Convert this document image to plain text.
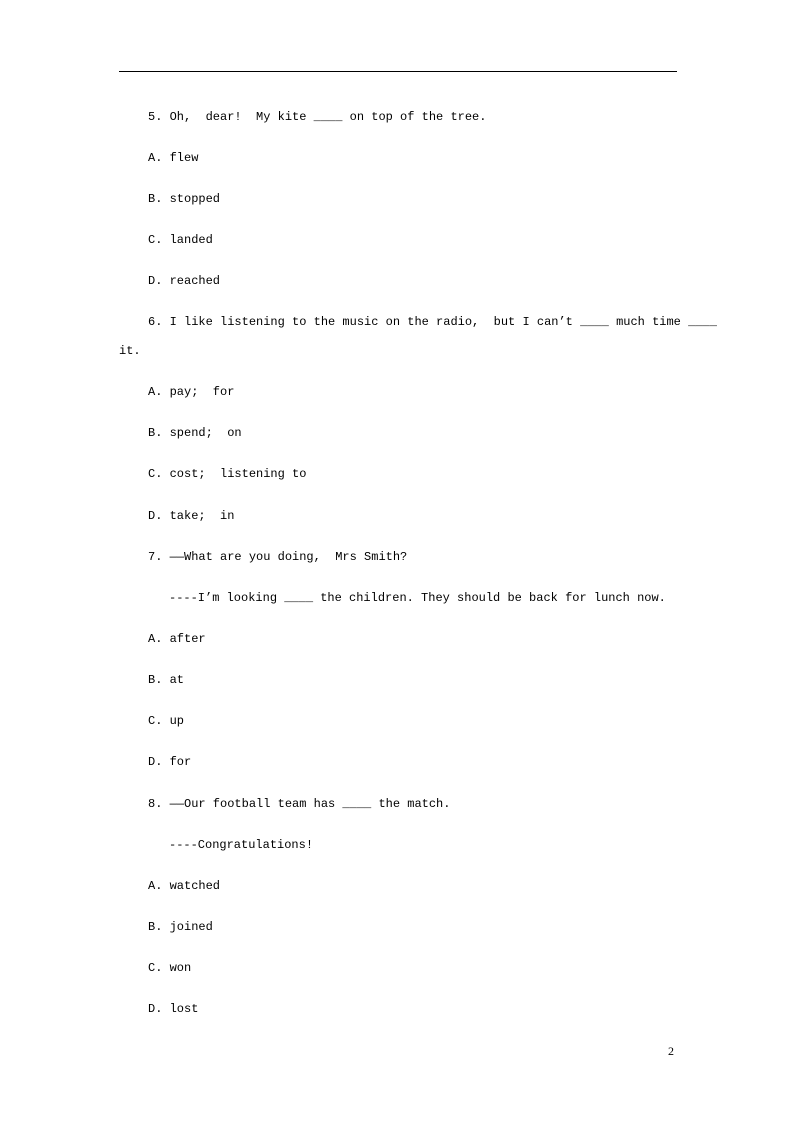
5. Oh,  dear!  My kite ____ on top of the tree.
A. flew
B. stopped
C. landed
D. reached
6. I like listening to the music on the radio,  but I can’t ____ much time ____
it.
A. pay;  for
B. spend;  on
C. cost;  listening to
D. take;  in
7. ——What are you doing,  Mrs Smith?
----I’m looking ____ the children. They should be back for lunch now.
A. after
B. at
C. up
D. for
8. ——Our football team has ____ the match.
----Congratulations!
A. watched
B. joined
C. won
D. lost
2
